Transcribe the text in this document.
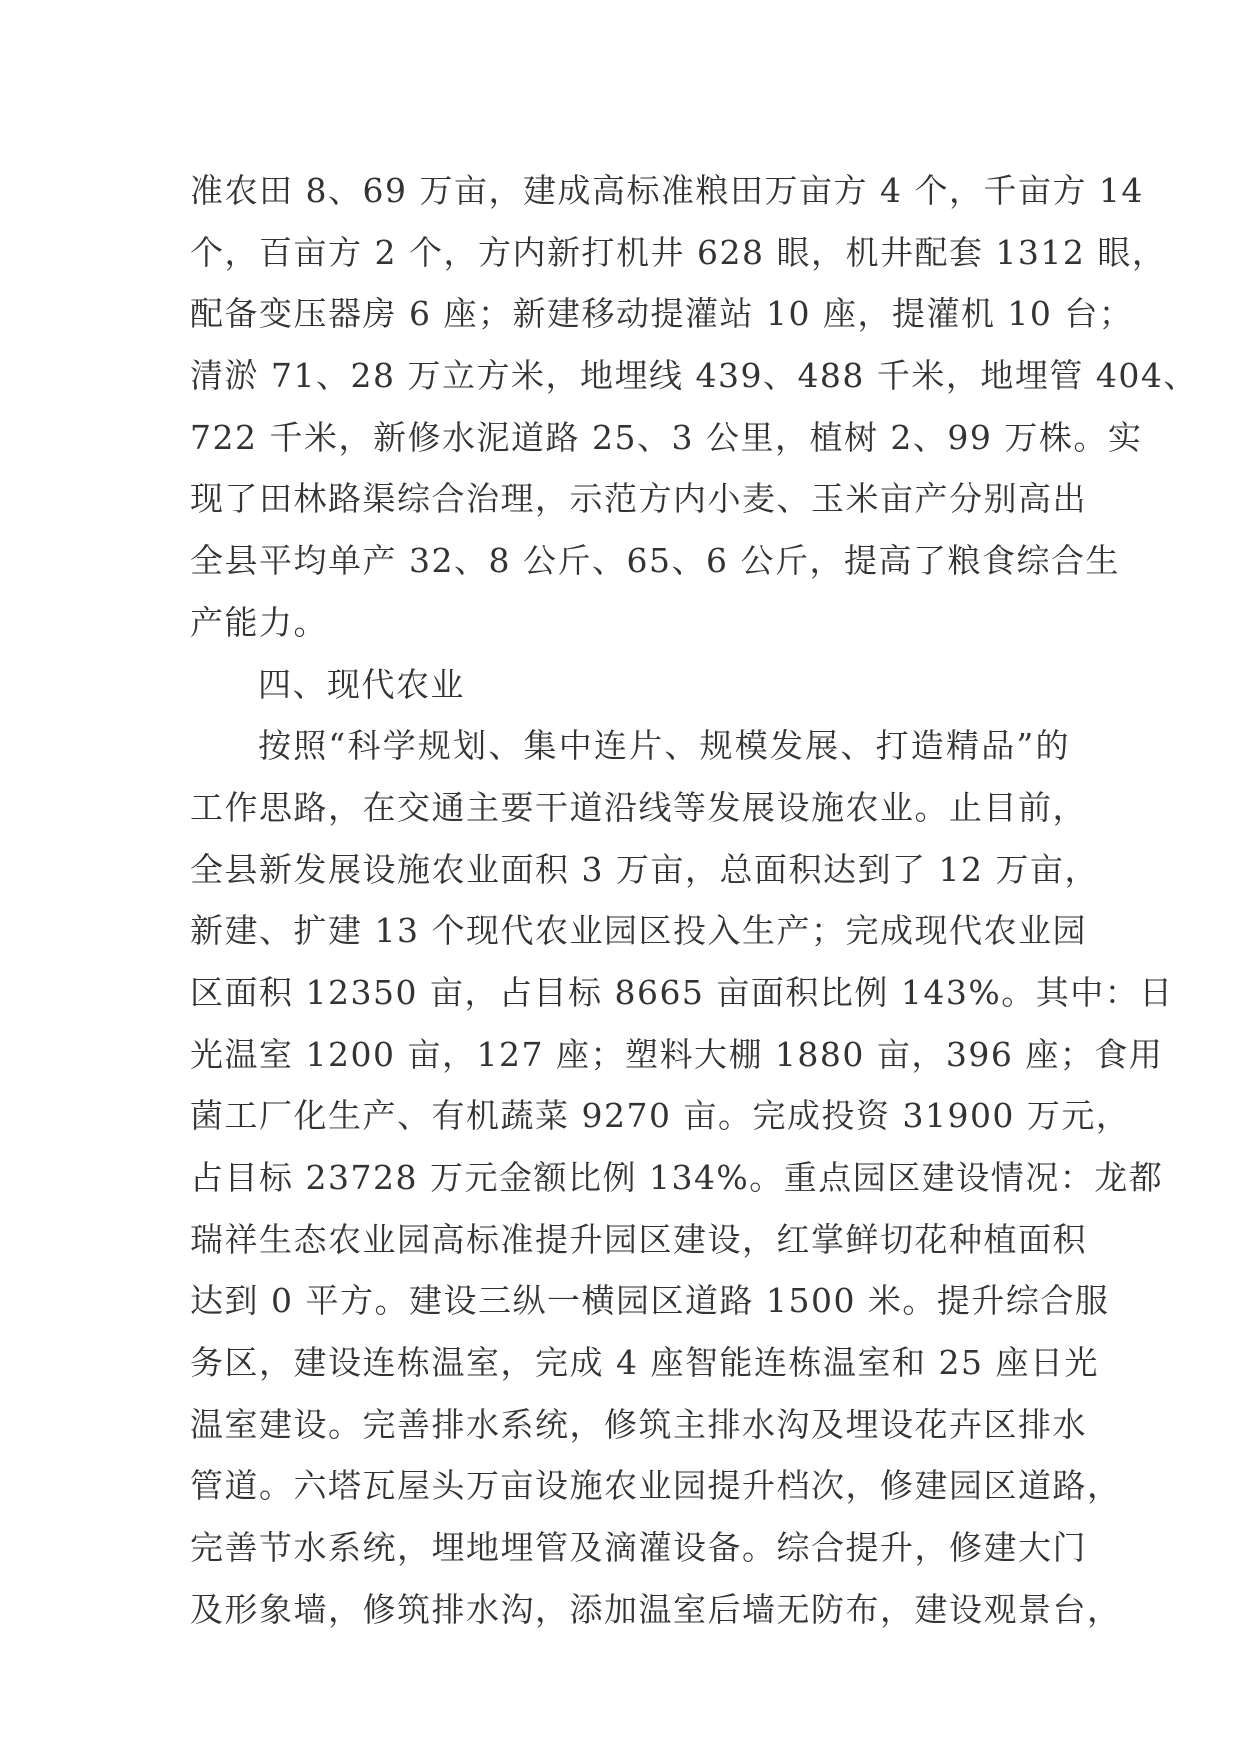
准农田 8、69 万亩，建成高标准粮田万亩方 4 个，千亩方 14
个，百亩方 2 个，方内新打机井 628 眼，机井配套 1312 眼，
配备变压器房 6 座；新建移动提灌站 10 座，提灌机 10 台；
清淤 71、28 万立方米，地埋线 439、488 千米，地埋管 404、
722 千米，新修水泥道路 25、3 公里，植树 2、99 万株。实
现了田林路渠综合治理，示范方内小麦、玉米亩产分别高出
全县平均单产 32、8 公斤、65、6 公斤，提高了粮食综合生
产能力。
四、现代农业
按照“科学规划、集中连片、规模发展、打造精品”的
工作思路，在交通主要干道沿线等发展设施农业。止目前，
全县新发展设施农业面积 3 万亩，总面积达到了 12 万亩，
新建、扩建 13 个现代农业园区投入生产；完成现代农业园
区面积 12350 亩，占目标 8665 亩面积比例 143%。其中：日
光温室 1200 亩，127 座；塑料大棚 1880 亩，396 座；食用
菌工厂化生产、有机蔬菜 9270 亩。完成投资 31900 万元，
占目标 23728 万元金额比例 134%。重点园区建设情况：龙都
瑞祥生态农业园高标准提升园区建设，红掌鲜切花种植面积
达到 0 平方。建设三纵一横园区道路 1500 米。提升综合服
务区，建设连栋温室，完成 4 座智能连栋温室和 25 座日光
温室建设。完善排水系统，修筑主排水沟及埋设花卉区排水
管道。六塔瓦屋头万亩设施农业园提升档次，修建园区道路，
完善节水系统，埋地埋管及滴灌设备。综合提升，修建大门
及形象墙，修筑排水沟，添加温室后墙无防布，建设观景台，
